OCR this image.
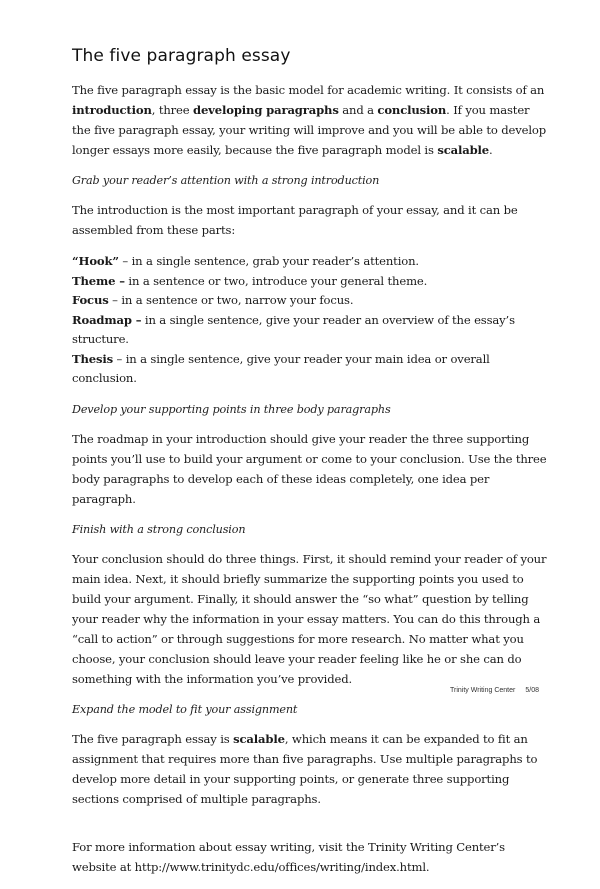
The five paragraph essay

The five paragraph essay is the basic model for academic writing. It consists of an introduction, three developing paragraphs and a conclusion. If you master the five paragraph essay, your writing will improve and you will be able to develop longer essays more easily, because the five paragraph model is scalable.

Grab your reader’s attention with a strong introduction

The introduction is the most important paragraph of your essay, and it can be assembled from these parts:

“Hook” – in a single sentence, grab your reader’s attention.
Theme – in a sentence or two, introduce your general theme.
Focus – in a sentence or two, narrow your focus.
Roadmap – in a single sentence, give your reader an overview of the essay’s structure.
Thesis – in a single sentence, give your reader your main idea or overall conclusion.

Develop your supporting points in three body paragraphs

The roadmap in your introduction should give your reader the three supporting points you’ll use to build your argument or come to your conclusion. Use the three body paragraphs to develop each of these ideas completely, one idea per paragraph.

Finish with a strong conclusion

Your conclusion should do three things. First, it should remind your reader of your main idea. Next, it should briefly summarize the supporting points you used to build your argument. Finally, it should answer the “so what” question by telling your reader why the information in your essay matters. You can do this through a “call to action” or through suggestions for more research. No matter what you choose, your conclusion should leave your reader feeling like he or she can do something with the information you’ve provided.

Expand the model to fit your assignment

The five paragraph essay is scalable, which means it can be expanded to fit an assignment that requires more than five paragraphs. Use multiple paragraphs to develop more detail in your supporting points, or generate three supporting sections comprised of multiple paragraphs.

For more information about essay writing, visit the Trinity Writing Center’s website at http://www.trinitydc.edu/offices/writing/index.html.

Trinity Writing Center 5/08
